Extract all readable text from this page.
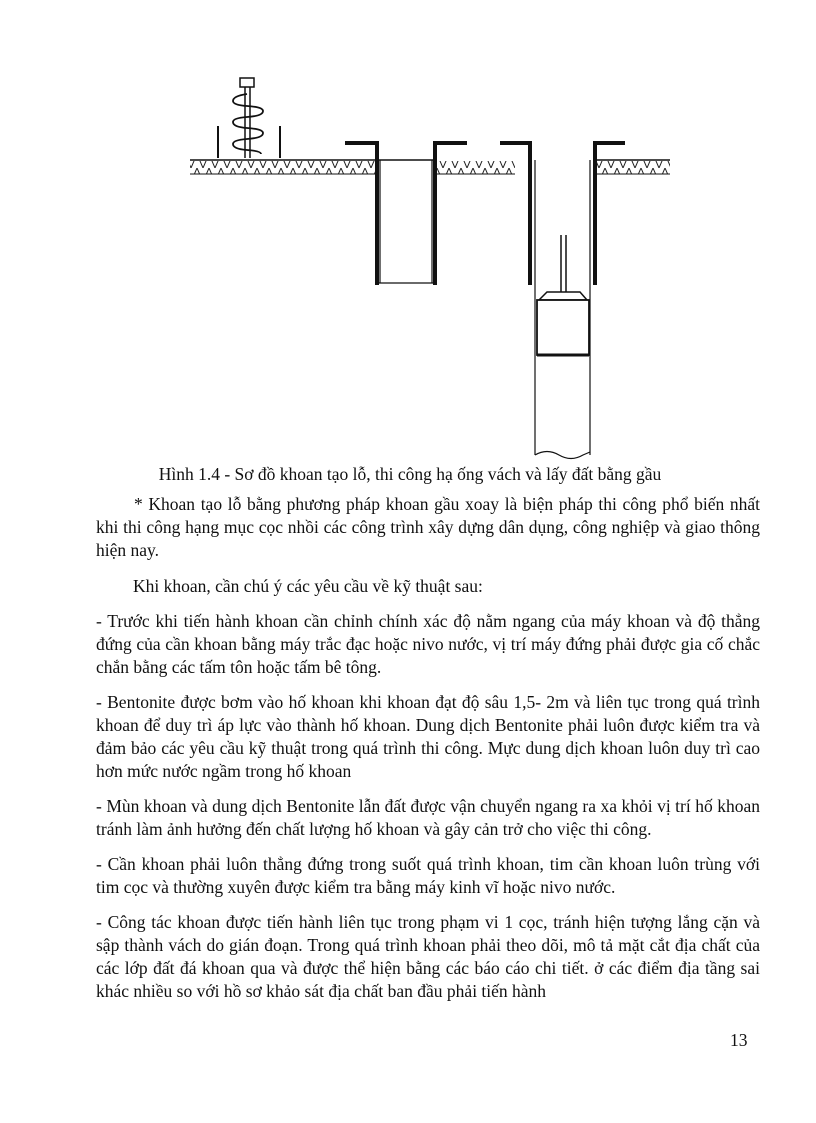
Hình 1.4 - Sơ đồ khoan tạo lỗ, thi công hạ ống vách và lấy đất bằng gầu

* Khoan tạo lỗ bằng phương pháp khoan gầu xoay là biện pháp thi công phổ biến nhất khi thi công hạng mục cọc nhồi các công trình xây dựng dân dụng, công nghiệp và giao thông hiện nay.

Khi khoan, cần chú ý các yêu cầu về kỹ thuật sau:

- Trước khi tiến hành khoan cần chỉnh chính xác độ nằm ngang của máy khoan và độ thẳng đứng của cần khoan bằng máy trắc đạc hoặc nivo nước, vị trí máy đứng phải được gia cố chắc chắn bằng các tấm tôn hoặc tấm bê tông.

- Bentonite được bơm vào hố khoan khi khoan đạt độ sâu 1,5- 2m và liên tục trong quá trình khoan để duy trì áp lực vào thành hố khoan. Dung dịch Bentonite phải luôn được kiểm tra và đảm bảo các yêu cầu kỹ thuật trong quá trình thi công. Mực dung dịch khoan luôn duy trì cao hơn mức nước ngầm trong hố khoan

- Mùn khoan và dung dịch Bentonite lẫn đất được vận chuyển ngang ra xa khỏi vị trí hố khoan tránh làm ảnh hưởng đến chất lượng hố khoan và gây cản trở cho việc thi công.

- Cần khoan phải luôn thẳng đứng trong suốt quá trình khoan, tim cần khoan luôn trùng với tim cọc và thường xuyên được kiểm tra bằng máy kinh vĩ hoặc nivo nước.

- Công tác khoan được tiến hành liên tục trong phạm vi 1 cọc, tránh hiện tượng lắng cặn và sập thành vách do gián đoạn. Trong quá trình khoan phải theo dõi, mô tả mặt cắt địa chất của các lớp đất đá khoan qua và được thể hiện bằng các báo cáo chi tiết. ở các điểm địa tầng sai khác nhiều so với hồ sơ khảo sát địa chất ban đầu phải tiến hành

13
